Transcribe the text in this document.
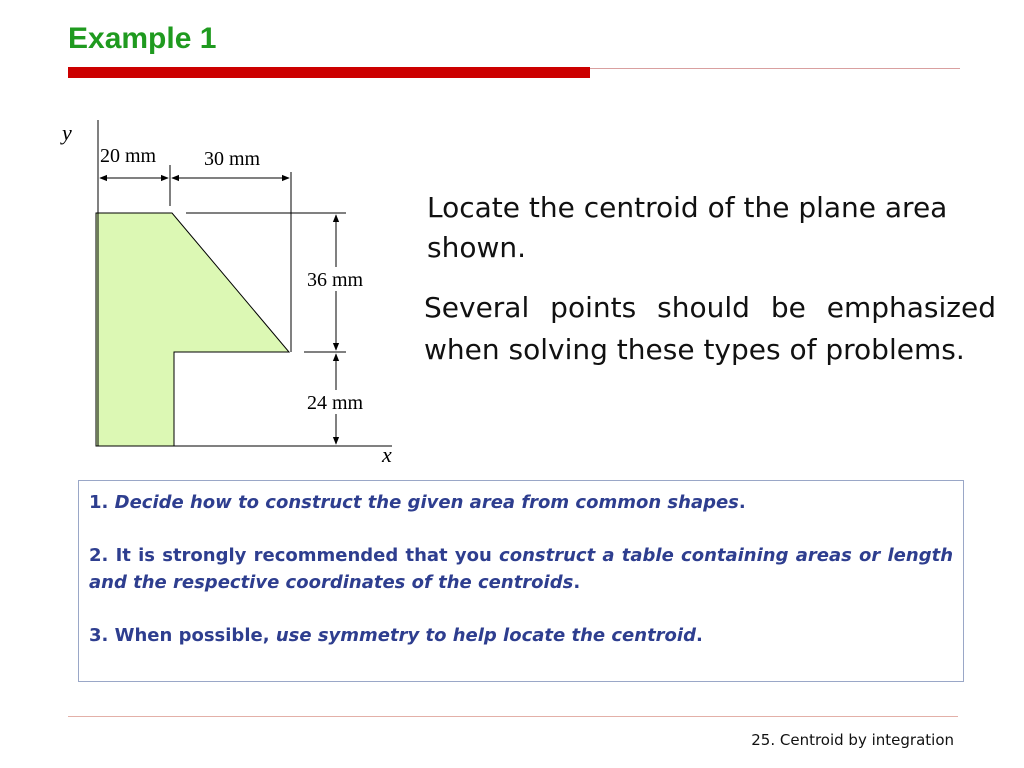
Example 1
y
x
20 mm 30 mm
36 mm
24 mm
Locate the centroid of the plane area shown.
Several points should be emphasized when solving these types of problems.

1. Decide how to construct the given area from common shapes.

2. It is strongly recommended that you construct a table containing areas or length and the respective coordinates of the centroids.

3. When possible, use symmetry to help locate the centroid.

25. Centroid by integration
